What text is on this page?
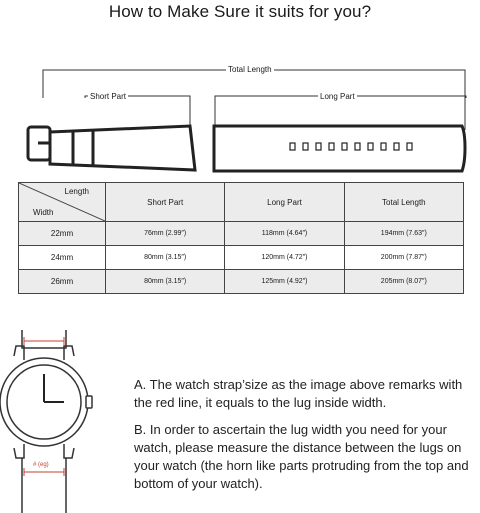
How to Make Sure it suits for you?
Total Length
Short Part	Long Part
Length
Width	Short Part	Long Part	Total Length
22mm	76mm (2.99″)	118mm (4.64″)	194mm (7.63″)
24mm	80mm (3.15″)	120mm (4.72″)	200mm (7.87″)
26mm	80mm (3.15″)	125mm (4.92″)	205mm (8.07″)
# (eg)
A. The watch strap’size as the image above remarks with the red line, it equals to the lug inside width.
B. In order to ascertain the lug width you need for your watch, please measure the distance between the lugs on your watch (the horn like parts protruding from the top and bottom of your watch).
